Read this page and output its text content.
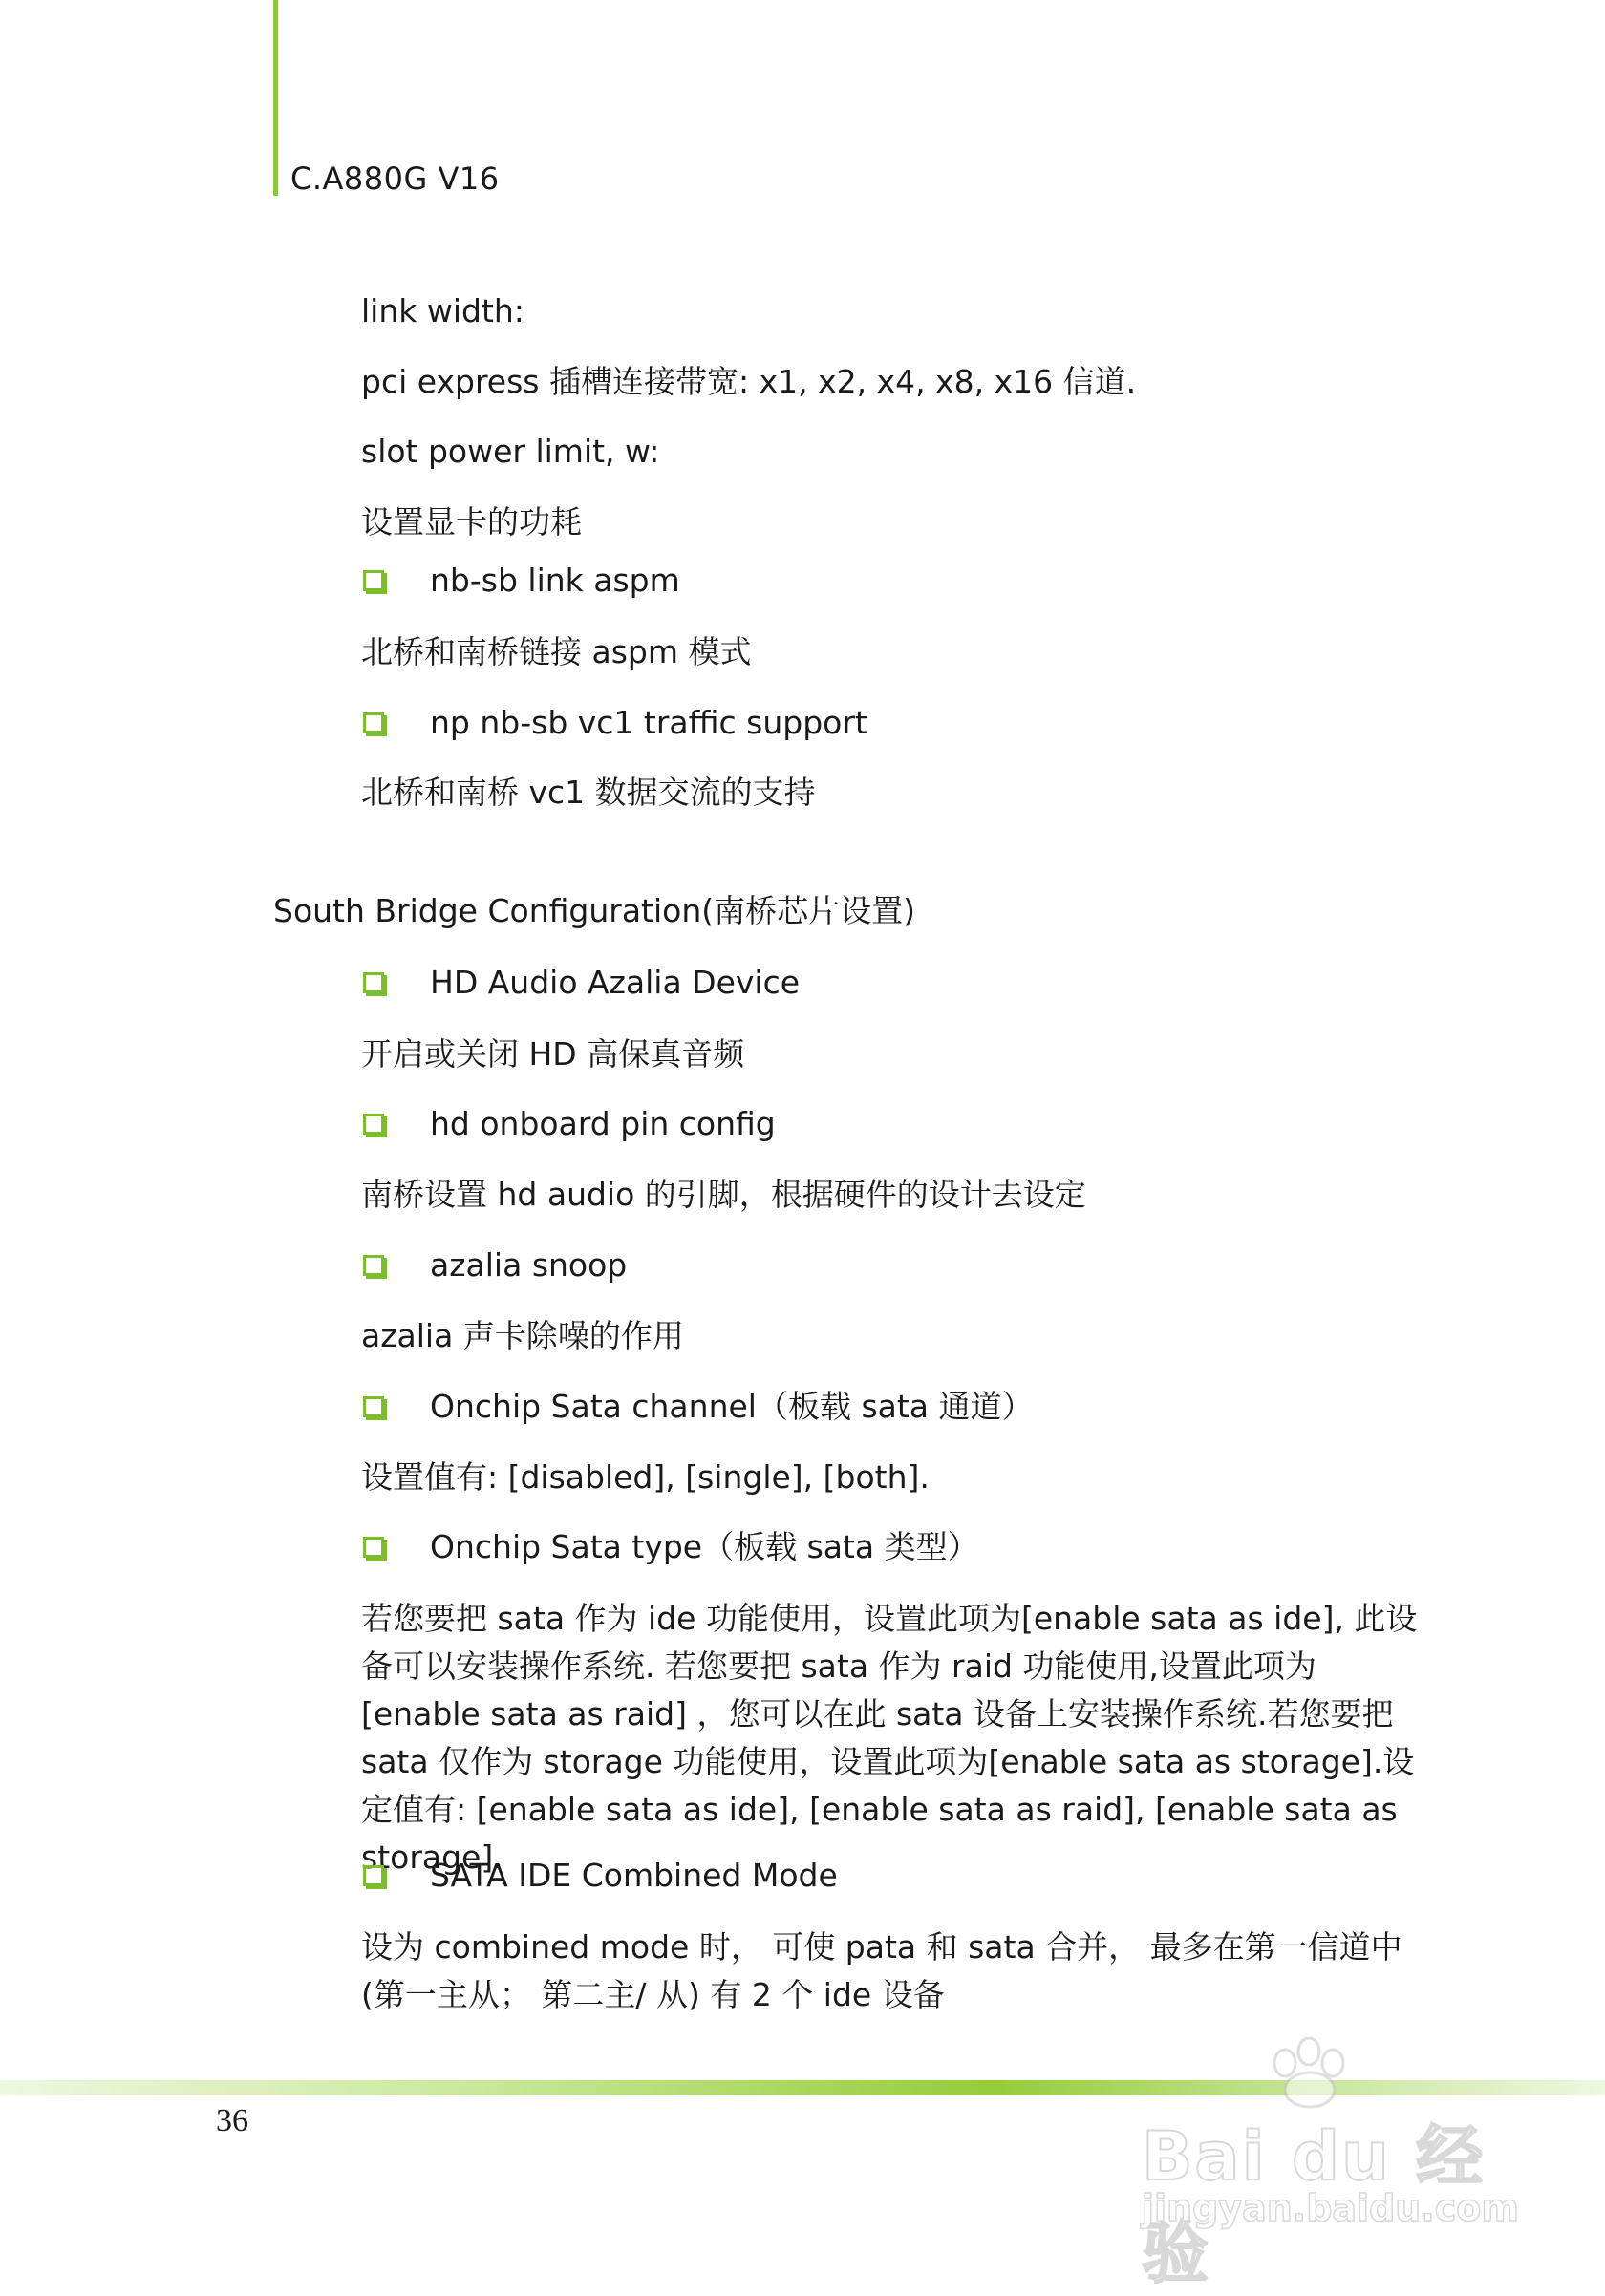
C.A880G V16
link width:
pci express 插槽连接带宽: x1, x2, x4, x8, x16 信道.
slot power limit, w:
设置显卡的功耗
nb-sb link aspm
北桥和南桥链接 aspm 模式
np nb-sb vc1 traffic support
北桥和南桥 vc1 数据交流的支持
South Bridge Configuration(南桥芯片设置)
HD Audio Azalia Device
开启或关闭 HD 高保真音频
hd onboard pin config
南桥设置 hd audio 的引脚，根据硬件的设计去设定
azalia snoop
azalia 声卡除噪的作用
Onchip Sata channel（板载 sata 通道）
设置值有: [disabled], [single], [both].
Onchip Sata type（板载 sata 类型）
若您要把 sata 作为 ide 功能使用，设置此项为[enable sata as ide], 此设备可以安装操作系统. 若您要把 sata 作为 raid 功能使用,设置此项为[enable sata as raid] ，您可以在此 sata 设备上安装操作系统.若您要把 sata 仅作为 storage 功能使用，设置此项为[enable sata as storage].设定值有: [enable sata as ide], [enable sata as raid], [enable sata as storage].
SATA IDE Combined Mode
设为 combined mode 时， 可使 pata 和 sata 合并， 最多在第一信道中(第一主从； 第二主/ 从) 有 2 个 ide 设备
36	Bai du 经验
jingyan.baidu.com
